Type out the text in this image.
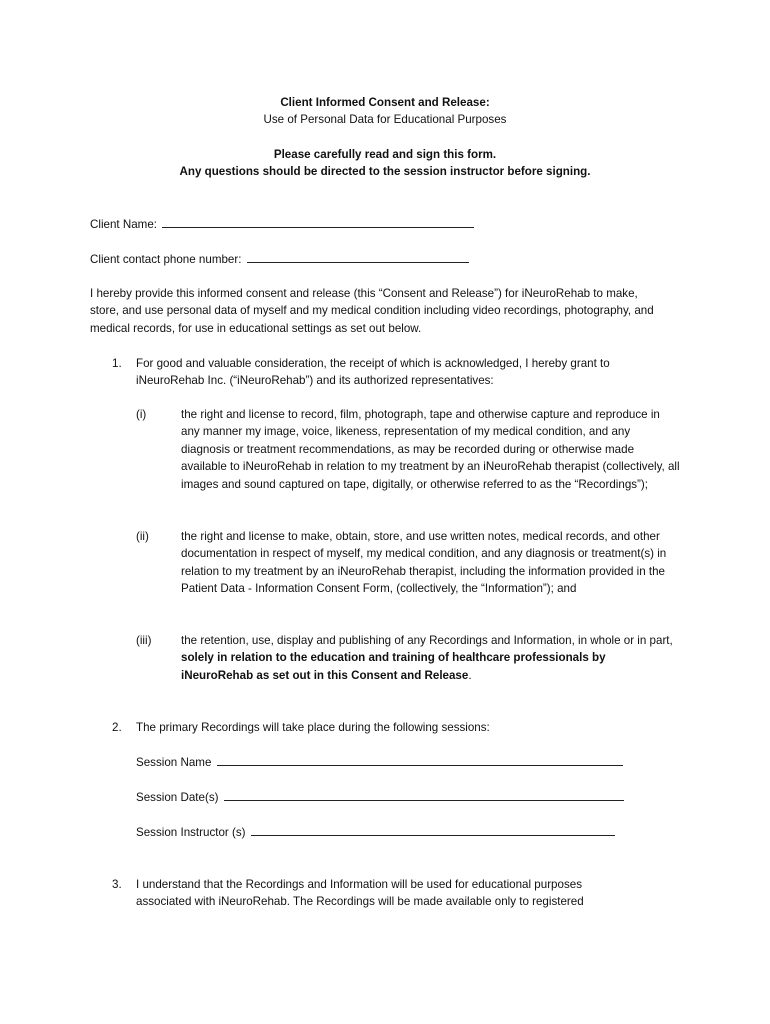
Client Informed Consent and Release:
Use of Personal Data for Educational Purposes
Please carefully read and sign this form.
Any questions should be directed to the session instructor before signing.
Client Name:
Client contact phone number:
I hereby provide this informed consent and release (this “Consent and Release”) for iNeuroRehab to make, store, and use personal data of myself and my medical condition including video recordings, photography, and medical records, for use in educational settings as set out below.
1. For good and valuable consideration, the receipt of which is acknowledged, I hereby grant to iNeuroRehab Inc. (“iNeuroRehab”) and its authorized representatives:
(i)	the right and license to record, film, photograph, tape and otherwise capture and reproduce in any manner my image, voice, likeness, representation of my medical condition, and any diagnosis or treatment recommendations, as may be recorded during or otherwise made available to iNeuroRehab in relation to my treatment by an iNeuroRehab therapist (collectively, all images and sound captured on tape, digitally, or otherwise referred to as the “Recordings”);
(ii)	the right and license to make, obtain, store, and use written notes, medical records, and other documentation in respect of myself, my medical condition, and any diagnosis or treatment(s) in relation to my treatment by an iNeuroRehab therapist, including the information provided in the Patient Data - Information Consent Form, (collectively, the “Information”); and
(iii)	the retention, use, display and publishing of any Recordings and Information, in whole or in part, solely in relation to the education and training of healthcare professionals by iNeuroRehab as set out in this Consent and Release.
2. The primary Recordings will take place during the following sessions:
Session Name
Session Date(s)
Session Instructor (s)
3. I understand that the Recordings and Information will be used for educational purposes
associated with iNeuroRehab. The Recordings will be made available only to registered
